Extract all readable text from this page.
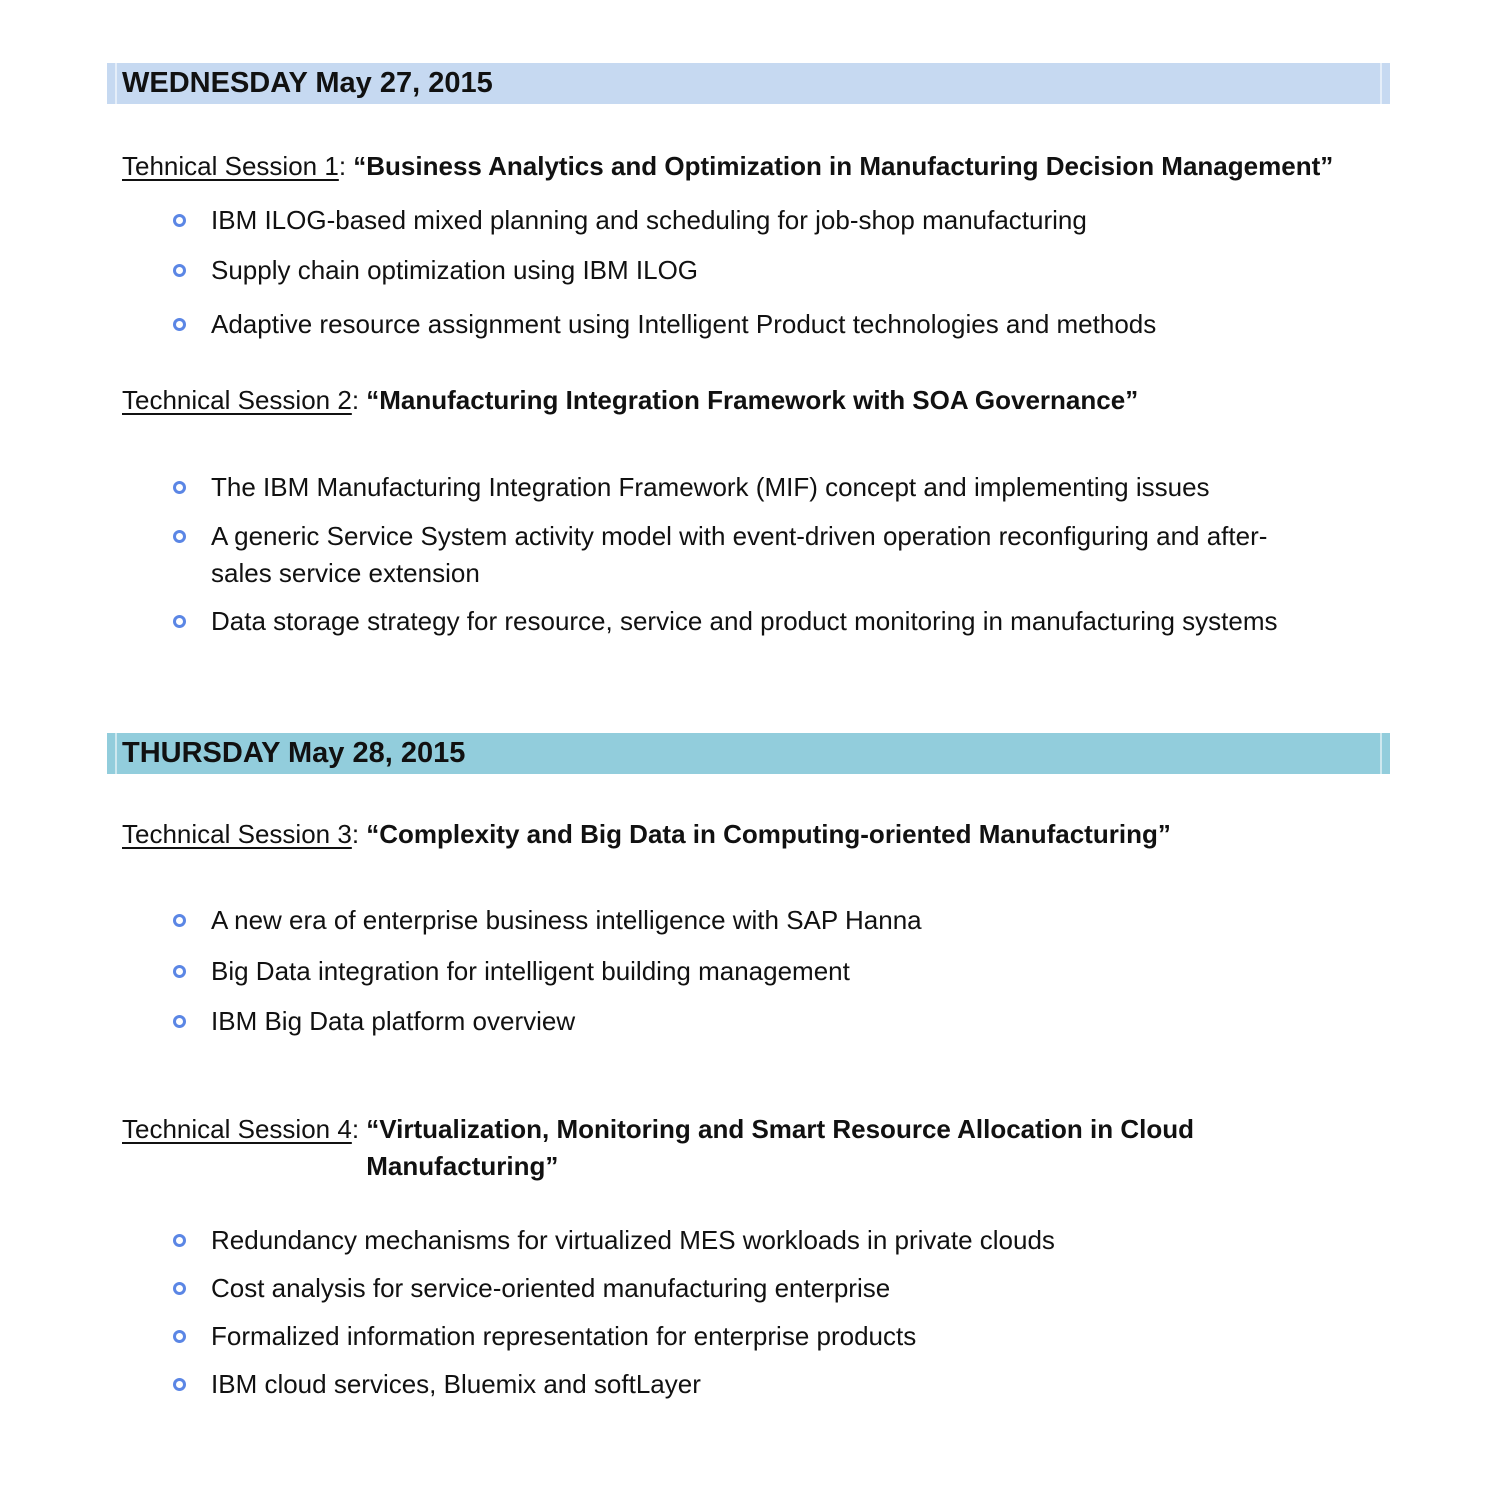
WEDNESDAY May 27, 2015
Tehnical Session 1: “Business Analytics and Optimization in Manufacturing Decision Management”
IBM ILOG-based mixed planning and scheduling for job-shop manufacturing
Supply chain optimization using IBM ILOG
Adaptive resource assignment using Intelligent Product technologies and methods
Technical Session 2: “Manufacturing Integration Framework with SOA Governance”
The IBM Manufacturing Integration Framework (MIF) concept and implementing issues
A generic Service System activity model with event-driven operation reconfiguring and after-sales service extension
Data storage strategy for resource, service and product monitoring in manufacturing systems
THURSDAY May 28, 2015
Technical Session 3: “Complexity and Big Data in Computing-oriented Manufacturing”
A new era of enterprise business intelligence with SAP Hanna
Big Data integration for intelligent building management
IBM Big Data platform overview
Technical Session 4: “Virtualization, Monitoring and Smart Resource Allocation in Cloud Manufacturing”
Redundancy mechanisms for virtualized MES workloads in private clouds
Cost analysis for service-oriented manufacturing enterprise
Formalized information representation for enterprise products
IBM cloud services, Bluemix and softLayer
